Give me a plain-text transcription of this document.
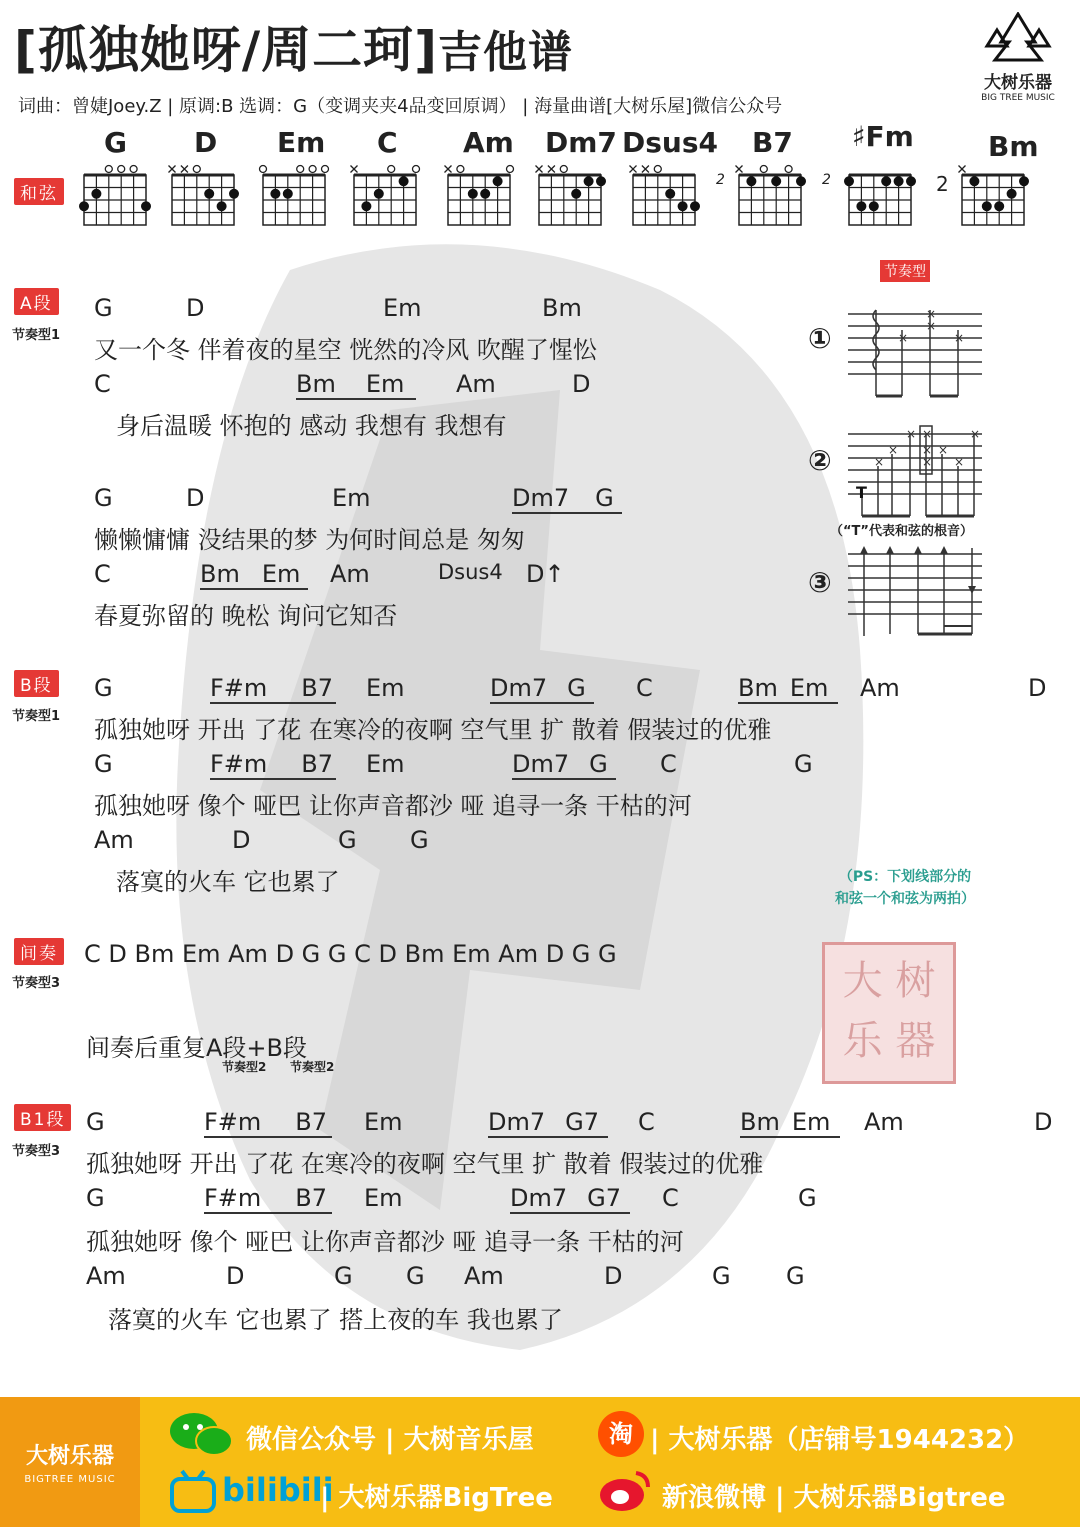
[孤独她呀/周二珂]吉他谱
词曲：曾婕Joey.Z | 原调:B 选调：G（变调夹夹4品变回原调） | 海量曲谱[大树乐屋]微信公众号
大树乐器
BIG TREE MUSIC
和弦
G D Em C Am Dm7 Dsus4 B7 ♯Fm	Bm
2	2	2
A段
节奏型1
G	D	Em	Bm
又一个冬 伴着夜的星空 恍然的冷风 吹醒了惺忪
C	Bm Em	Am	D
身后温暖 怀抱的 感动 我想有 我想有
G	D	Em	Dm7 G
懒懒慵慵 没结果的梦 为何时间总是 匆匆
C	Bm Em	Am	Dsus4 D↑
春夏弥留的 晚松 询问它知否
B段
节奏型1
G	F#m B7 Em	Dm7 G	C	Bm Em	Am	D
孤独她呀 开出 了花 在寒冷的夜啊 空气里 扩 散着 假装过的优雅
G	F#m B7 Em	Dm7 G	C	G
孤独她呀 像个 哑巴 让你声音都沙 哑 追寻一条 干枯的河
Am	D	G G
落寞的火车 它也累了
间奏
节奏型3
C D Bm Em Am D G G C D Bm Em Am D G G
间奏后重复A段+B段
节奏型2 节奏型2
B1段
节奏型3
G	F#m B7 Em	Dm7 G7	C	Bm Em	Am	D
孤独她呀 开出 了花 在寒冷的夜啊 空气里 扩 散着 假装过的优雅
G	F#m B7 Em	Dm7 G7	C	G
孤独她呀 像个 哑巴 让你声音都沙 哑 追寻一条 干枯的河
Am	D	G G Am	D	G G
落寞的火车 它也累了 搭上夜的车 我也累了
节奏型
①
②
③
×
×
×
×
×
×
× ×
×
×
×
×
×
T
（“T”代表和弦的根音）
（PS：下划线部分的
和弦一个和弦为两拍）
大 树
乐 器
大树乐器
BIGTREE MUSIC
微信公众号 | 大树音乐屋
bilibili
| 大树乐器BigTree
淘 | 大树乐器（店铺号1944232）
新浪微博 | 大树乐器Bigtree
